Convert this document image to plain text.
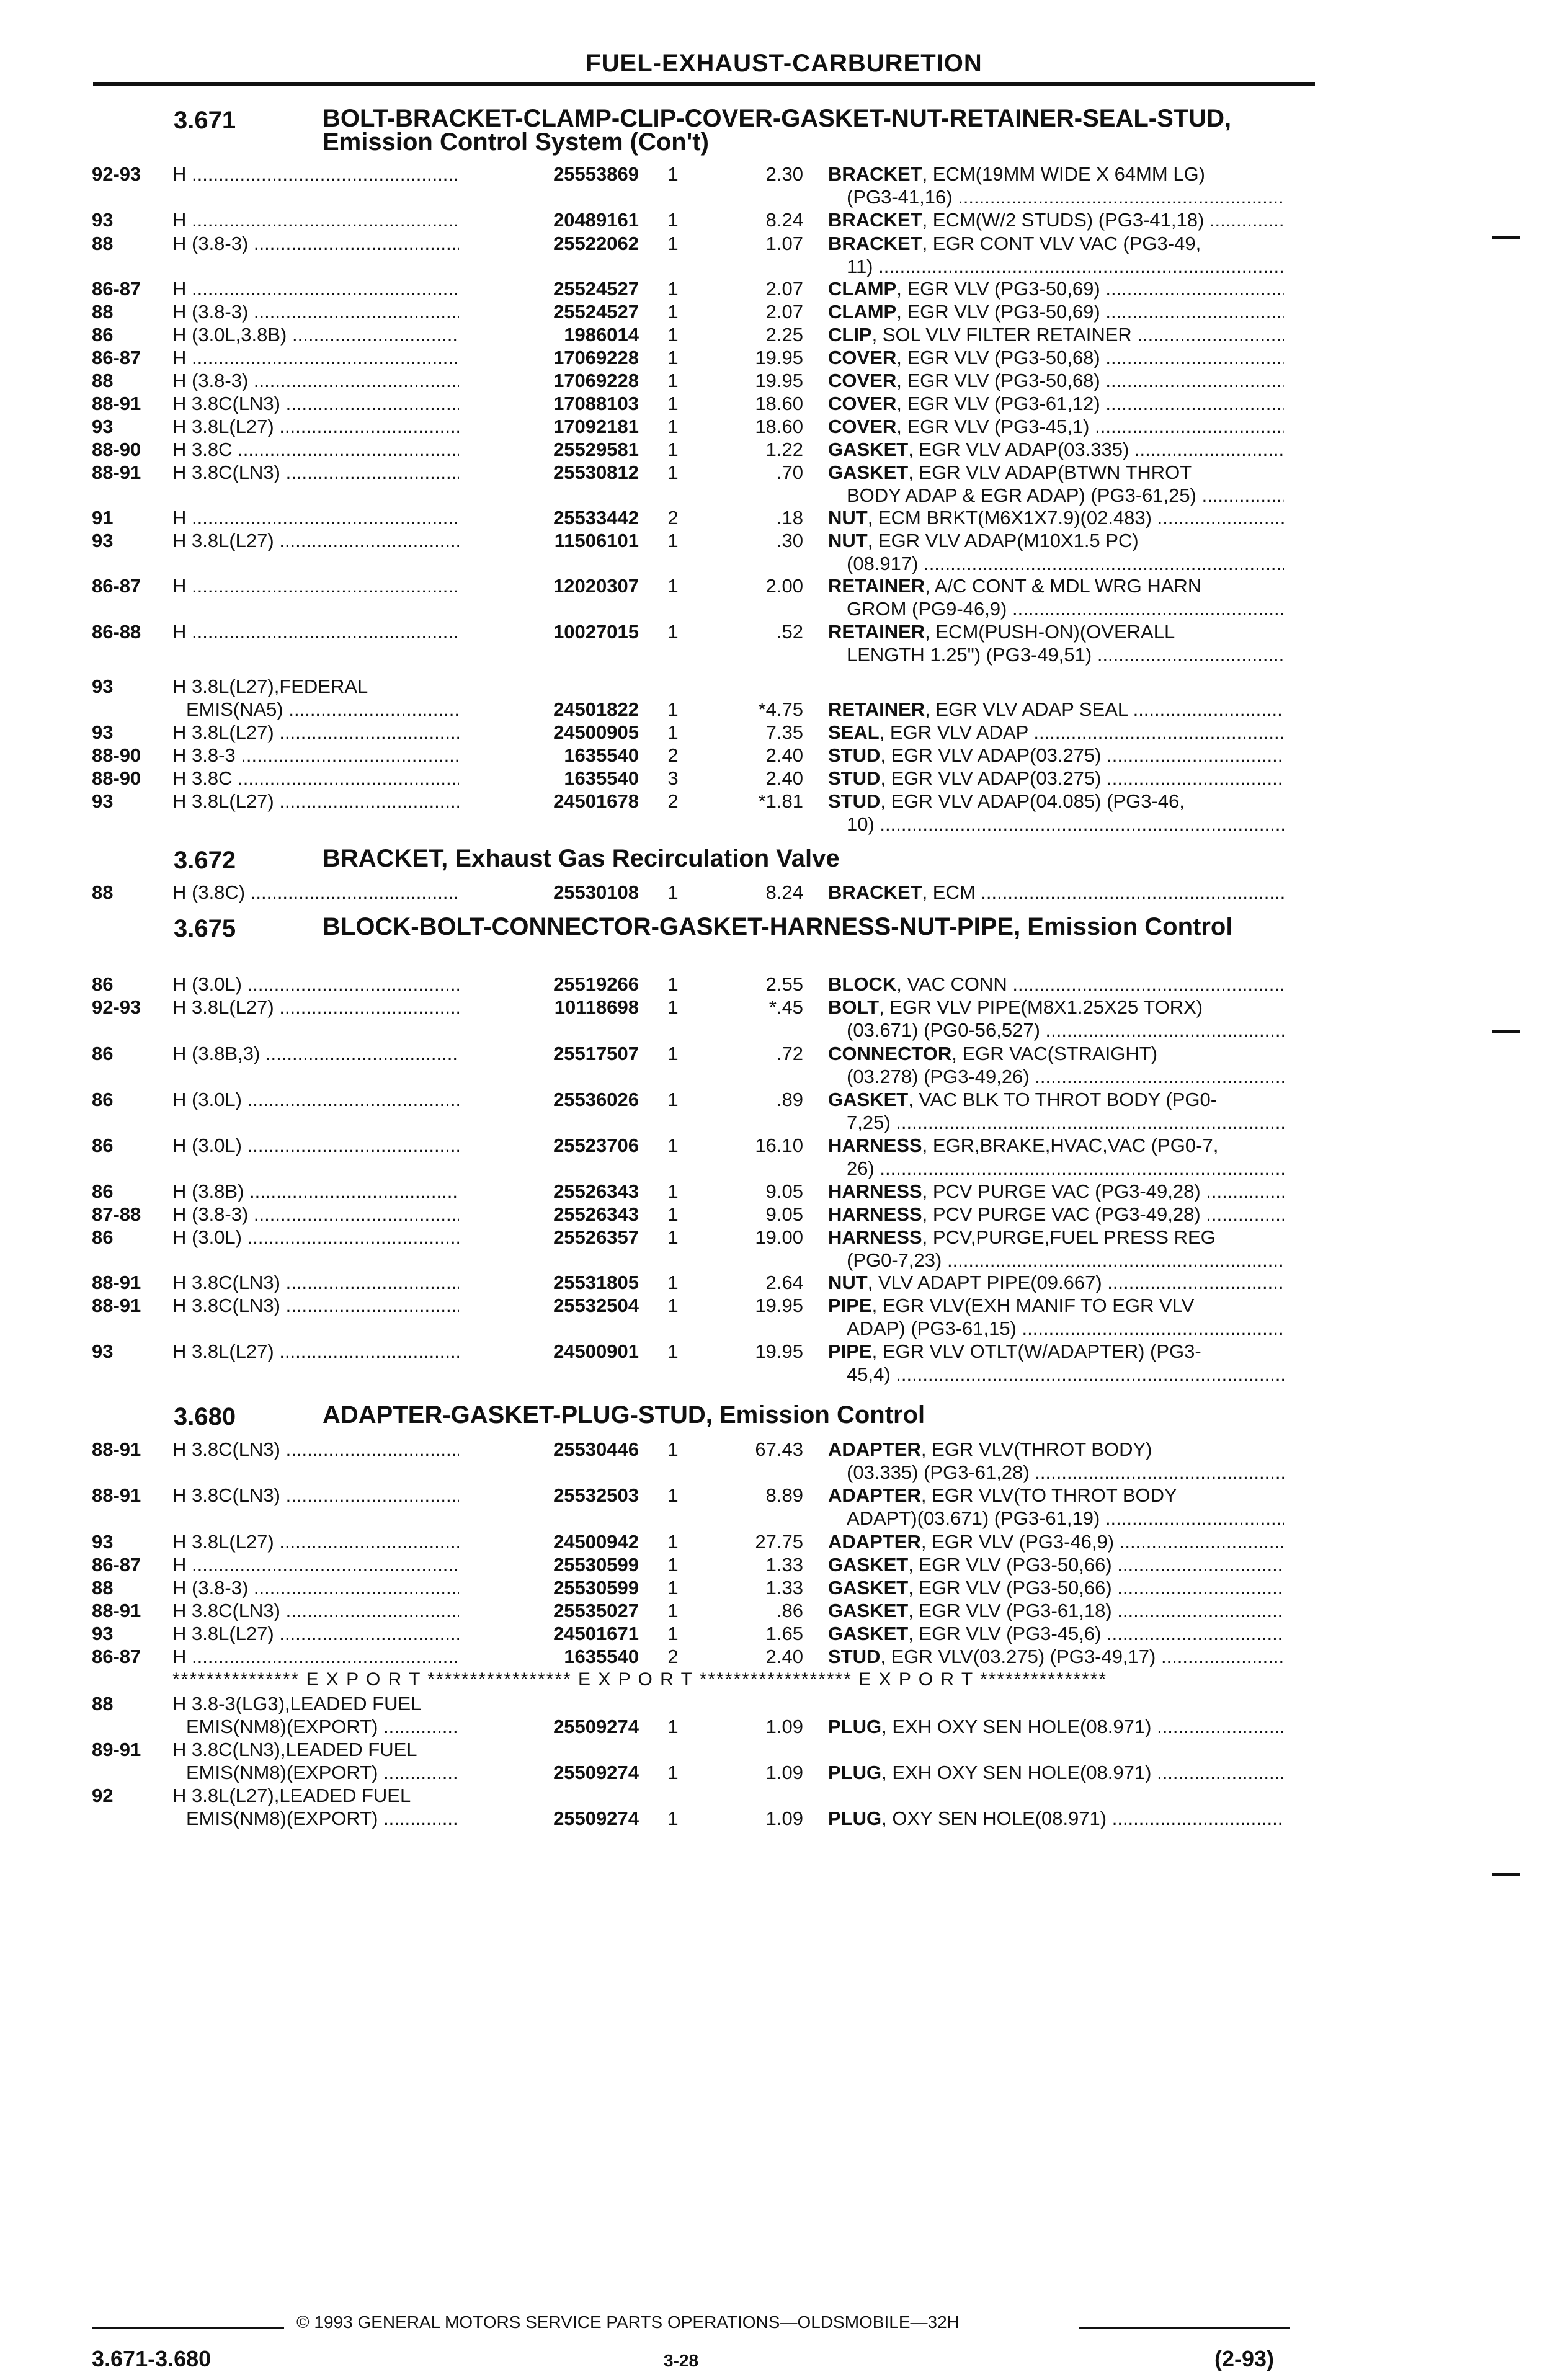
FUEL-EXHAUST-CARBURETION
3.671	BOLT-BRACKET-CLAMP-CLIP-COVER-GASKET-NUT-RETAINER-SEAL-STUD, Emission Control System (Con't)
92-93 H .....	25553869	1	2.30 BRACKET, ECM(19MM WIDE X 64MM LG)
(PG3-41,16) .....
93	H .....	20489161	1	8.24 BRACKET, ECM(W/2 STUDS) (PG3-41,18) .....
88	H (3.8-3) .....	25522062	1	1.07 BRACKET, EGR CONT VLV VAC (PG3-49,
11) .....
86-87 H .....	25524527	1	2.07 CLAMP, EGR VLV (PG3-50,69) .....
88	H (3.8-3) .....	25524527	1	2.07 CLAMP, EGR VLV (PG3-50,69) .....
86	H (3.0L,3.8B) .....	1986014	1	2.25 CLIP, SOL VLV FILTER RETAINER .....
86-87 H .....	17069228	1	19.95 COVER, EGR VLV (PG3-50,68) .....
88	H (3.8-3) .....	17069228	1	19.95 COVER, EGR VLV (PG3-50,68) .....
88-91 H 3.8C(LN3) .....	17088103	1	18.60 COVER, EGR VLV (PG3-61,12) .....
93	H 3.8L(L27) .....	17092181	1	18.60 COVER, EGR VLV (PG3-45,1) .....
88-90 H 3.8C .....	25529581	1	1.22 GASKET, EGR VLV ADAP(03.335) .....
88-91 H 3.8C(LN3) .....	25530812	1	.70 GASKET, EGR VLV ADAP(BTWN THROT
BODY ADAP & EGR ADAP) (PG3-61,25) .....
91	H .....	25533442	2	.18 NUT, ECM BRKT(M6X1X7.9)(02.483) .....
93	H 3.8L(L27) .....	11506101	1	.30 NUT, EGR VLV ADAP(M10X1.5 PC)
(08.917) .....
86-87 H .....	12020307	1	2.00 RETAINER, A/C CONT & MDL WRG HARN
GROM (PG9-46,9) .....
86-88 H .....	10027015	1	.52 RETAINER, ECM(PUSH-ON)(OVERALL
LENGTH 1.25") (PG3-49,51) .....
93	H 3.8L(L27),FEDERAL
EMIS(NA5) .....	24501822	1	*4.75 RETAINER, EGR VLV ADAP SEAL .....
93	H 3.8L(L27) .....	24500905	1	7.35 SEAL, EGR VLV ADAP .....
88-90 H 3.8-3 .....	1635540	2	2.40 STUD, EGR VLV ADAP(03.275) .....
88-90 H 3.8C .....	1635540	3	2.40 STUD, EGR VLV ADAP(03.275) .....
93	H 3.8L(L27) .....	24501678	2	*1.81 STUD, EGR VLV ADAP(04.085) (PG3-46,
10) .....
3.672	BRACKET, Exhaust Gas Recirculation Valve
88	H (3.8C) .....	25530108	1	8.24 BRACKET, ECM .....
3.675	BLOCK-BOLT-CONNECTOR-GASKET-HARNESS-NUT-PIPE, Emission Control
86	H (3.0L) .....	25519266	1	2.55 BLOCK, VAC CONN .....
92-93 H 3.8L(L27) .....	10118698	1	*.45 BOLT, EGR VLV PIPE(M8X1.25X25 TORX)
(03.671) (PG0-56,527) .....
86	H (3.8B,3) .....	25517507	1	.72 CONNECTOR, EGR VAC(STRAIGHT)
(03.278) (PG3-49,26) .....
86	H (3.0L) .....	25536026	1	.89 GASKET, VAC BLK TO THROT BODY (PG0-
7,25) .....
86	H (3.0L) .....	25523706	1	16.10 HARNESS, EGR,BRAKE,HVAC,VAC (PG0-7,
26) .....
86	H (3.8B) .....	25526343	1	9.05 HARNESS, PCV PURGE VAC (PG3-49,28) .....
87-88 H (3.8-3) .....	25526343	1	9.05 HARNESS, PCV PURGE VAC (PG3-49,28) .....
86	H (3.0L) .....	25526357	1	19.00 HARNESS, PCV,PURGE,FUEL PRESS REG
(PG0-7,23) .....
88-91 H 3.8C(LN3) .....	25531805	1	2.64 NUT, VLV ADAPT PIPE(09.667) .....
88-91 H 3.8C(LN3) .....	25532504	1	19.95 PIPE, EGR VLV(EXH MANIF TO EGR VLV
ADAP) (PG3-61,15) .....
93	H 3.8L(L27) .....	24500901	1	19.95 PIPE, EGR VLV OTLT(W/ADAPTER) (PG3-
45,4) .....
3.680	ADAPTER-GASKET-PLUG-STUD, Emission Control
88-91 H 3.8C(LN3) .....	25530446	1	67.43 ADAPTER, EGR VLV(THROT BODY)
(03.335) (PG3-61,28) .....
88-91 H 3.8C(LN3) .....	25532503	1	8.89 ADAPTER, EGR VLV(TO THROT BODY
ADAPT)(03.671) (PG3-61,19) .....
93	H 3.8L(L27) .....	24500942	1	27.75 ADAPTER, EGR VLV (PG3-46,9) .....
86-87 H .....	25530599	1	1.33 GASKET, EGR VLV (PG3-50,66) .....
88	H (3.8-3) .....	25530599	1	1.33 GASKET, EGR VLV (PG3-50,66) .....
88-91 H 3.8C(LN3) .....	25535027	1	.86 GASKET, EGR VLV (PG3-61,18) .....
93	H 3.8L(L27) .....	24501671	1	1.65 GASKET, EGR VLV (PG3-45,6) .....
86-87 H .....	1635540	2	2.40 STUD, EGR VLV(03.275) (PG3-49,17) .....
*************** E X P O R T ***************** E X P O R T ****************** E X P O R T ***************
88	H 3.8-3(LG3),LEADED FUEL
EMIS(NM8)(EXPORT) .....	25509274	1	1.09 PLUG, EXH OXY SEN HOLE(08.971) .....
89-91 H 3.8C(LN3),LEADED FUEL
EMIS(NM8)(EXPORT) .....	25509274	1	1.09 PLUG, EXH OXY SEN HOLE(08.971) .....
92	H 3.8L(L27),LEADED FUEL
EMIS(NM8)(EXPORT) .....	25509274	1	1.09 PLUG, OXY SEN HOLE(08.971) .....
© 1993 GENERAL MOTORS SERVICE PARTS OPERATIONS—OLDSMOBILE—32H
3.671-3.680	3-28	(2-93)
